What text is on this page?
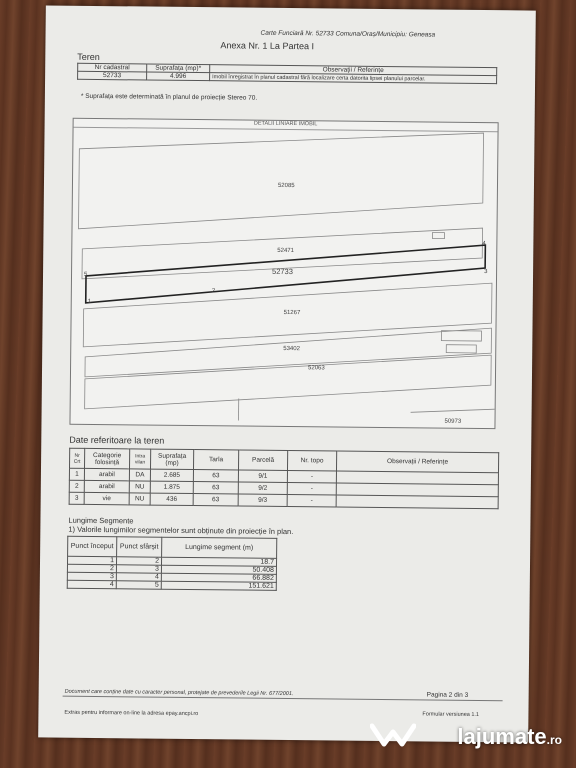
Carte Funciară Nr. 52733 Comuna/Oraș/Municipiu: Geneasa
Anexa Nr. 1 La Partea I
Teren
Nr cadastral	Suprafața (mp)*	Observații / Referințe
52733	4.996	Imobil înregistrat în planul cadastral fără localizare certa datorita lipsei planului parcelar.
* Suprafața este determinată în planul de proiecție Stereo 70.
DETALII LINIARE IMOBIL
52085
52471
52733
51267
53402
52063
50973
1
2
3
4
5
Date referitoare la teren
Nr Crt	Categorie folosință	Intra vilan	Suprafața (mp)	Tarla	Parcelă	Nr. topo	Observații / Referințe
1	arabil	DA	2.685	63	9/1	-	
2	arabil	NU	1.875	63	9/2	-	
3	vie	NU	436	63	9/3	-	
Lungime Segmente
1) Valorile lungimilor segmentelor sunt obținute din proiecție în plan.
Punct început	Punct sfârșit	Lungime segment (m)
1	2	18.7
2	3	50.408
3	4	66.882
4	5	151.621
Document care conține date cu caracter personal, protejate de prevederile Legii Nr. 677/2001.	Pagina 2 din 3
Extras pentru informare on-line la adresa epay.ancpi.ro	Formular versiunea 1.1
lajumate.ro
